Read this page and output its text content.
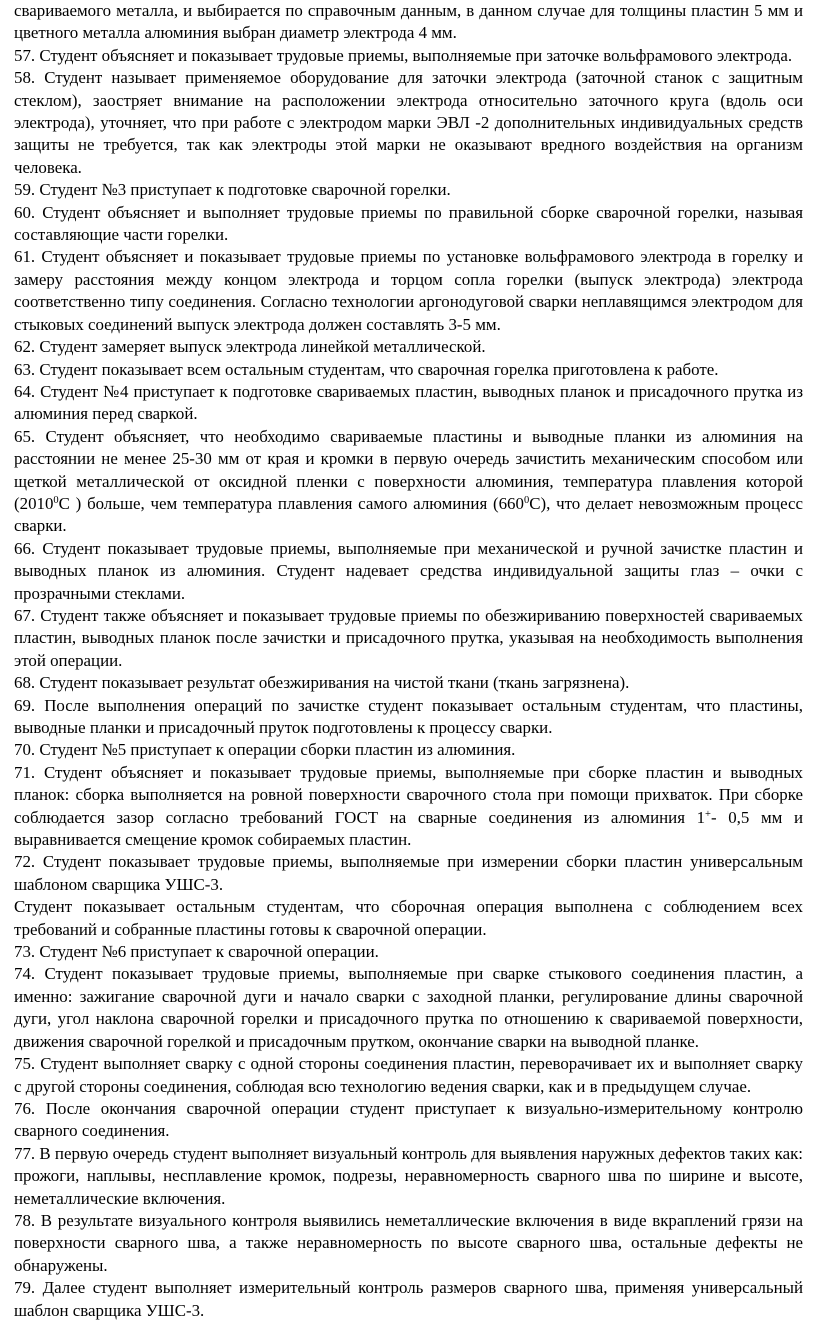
свариваемого металла, и выбирается по справочным данным, в данном случае для толщины пластин 5 мм и цветного металла алюминия выбран диаметр электрода 4 мм.

57. Студент объясняет и показывает трудовые приемы, выполняемые при заточке вольфрамового электрода.

58. Студент называет применяемое оборудование для заточки электрода (заточной станок с защитным стеклом), заостряет внимание на расположении электрода относительно заточного круга (вдоль оси электрода), уточняет, что при работе с электродом марки ЭВЛ -2 дополнительных индивидуальных средств защиты не требуется, так как электроды этой марки не оказывают вредного воздействия на организм человека.

59. Студент №3 приступает к подготовке сварочной горелки.

60. Студент объясняет и выполняет трудовые приемы по правильной сборке сварочной горелки, называя составляющие части горелки.

61. Студент объясняет и показывает трудовые приемы по установке вольфрамового электрода в горелку и замеру расстояния между концом электрода и торцом сопла горелки (выпуск электрода) электрода соответственно типу соединения. Согласно технологии аргонодуговой сварки неплавящимся электродом для стыковых соединений выпуск электрода должен составлять 3-5 мм.

62. Студент замеряет выпуск электрода линейкой металлической.

63. Студент показывает всем остальным студентам, что сварочная горелка приготовлена к работе.

64. Студент №4 приступает к подготовке свариваемых пластин, выводных планок и присадочного прутка из алюминия перед сваркой.

65. Студент объясняет, что необходимо свариваемые пластины и выводные планки из алюминия на расстоянии не менее 25-30 мм от края и кромки в первую очередь зачистить механическим способом или щеткой металлической от оксидной пленки с поверхности алюминия, температура плавления которой (2010$^0$С ) больше, чем температура плавления самого алюминия $(660^0С)$, что делает невозможным процесс сварки.

66. Студент показывает трудовые приемы, выполняемые при механической и ручной зачистке пластин и выводных планок из алюминия. Студент надевает средства индивидуальной защиты глаз – очки с прозрачными стеклами.

67. Студент также объясняет и показывает трудовые приемы по обезжириванию поверхностей свариваемых пластин, выводных планок после зачистки и присадочного прутка, указывая на необходимость выполнения этой операции.

68. Студент показывает результат обезжиривания на чистой ткани (ткань загрязнена).

69. После выполнения операций по зачистке студент показывает остальным студентам, что пластины, выводные планки и присадочный пруток подготовлены к процессу сварки.

70. Студент №5 приступает к операции сборки пластин из алюминия.

71. Студент объясняет и показывает трудовые приемы, выполняемые при сборке пластин и выводных планок: сборка выполняется на ровной поверхности сварочного стола при помощи прихваток. При сборке соблюдается зазор согласно требований ГОСТ на сварные соединения из алюминия 1+- 0,5 мм и выравнивается смещение кромок собираемых пластин.

72. Студент показывает трудовые приемы, выполняемые при измерении сборки пластин универсальным шаблоном сварщика УШС-3.

Студент показывает остальным студентам, что сборочная операция выполнена с соблюдением всех требований и собранные пластины готовы к сварочной операции.

73. Студент №6 приступает к сварочной операции.

74. Студент показывает трудовые приемы, выполняемые при сварке стыкового соединения пластин, а именно: зажигание сварочной дуги и начало сварки с заходной планки, регулирование длины сварочной дуги, угол наклона сварочной горелки и присадочного прутка по отношению к свариваемой поверхности, движения сварочной горелкой и присадочным прутком, окончание сварки на выводной планке.

75. Студент выполняет сварку с одной стороны соединения пластин, переворачивает их и выполняет сварку с другой стороны соединения, соблюдая всю технологию ведения сварки, как и в предыдущем случае.

76. После окончания сварочной операции студент приступает к визуально-измерительному контролю сварного соединения.

77. В первую очередь студент выполняет визуальный контроль для выявления наружных дефектов таких как: прожоги, наплывы, несплавление кромок, подрезы, неравномерность сварного шва по ширине и высоте, неметаллические включения.

78. В результате визуального контроля выявились неметаллические включения в виде вкраплений грязи на поверхности сварного шва, а также неравномерность по высоте сварного шва, остальные дефекты не обнаружены.

79. Далее студент выполняет измерительный контроль размеров сварного шва, применяя универсальный шаблон сварщика УШС-3.
